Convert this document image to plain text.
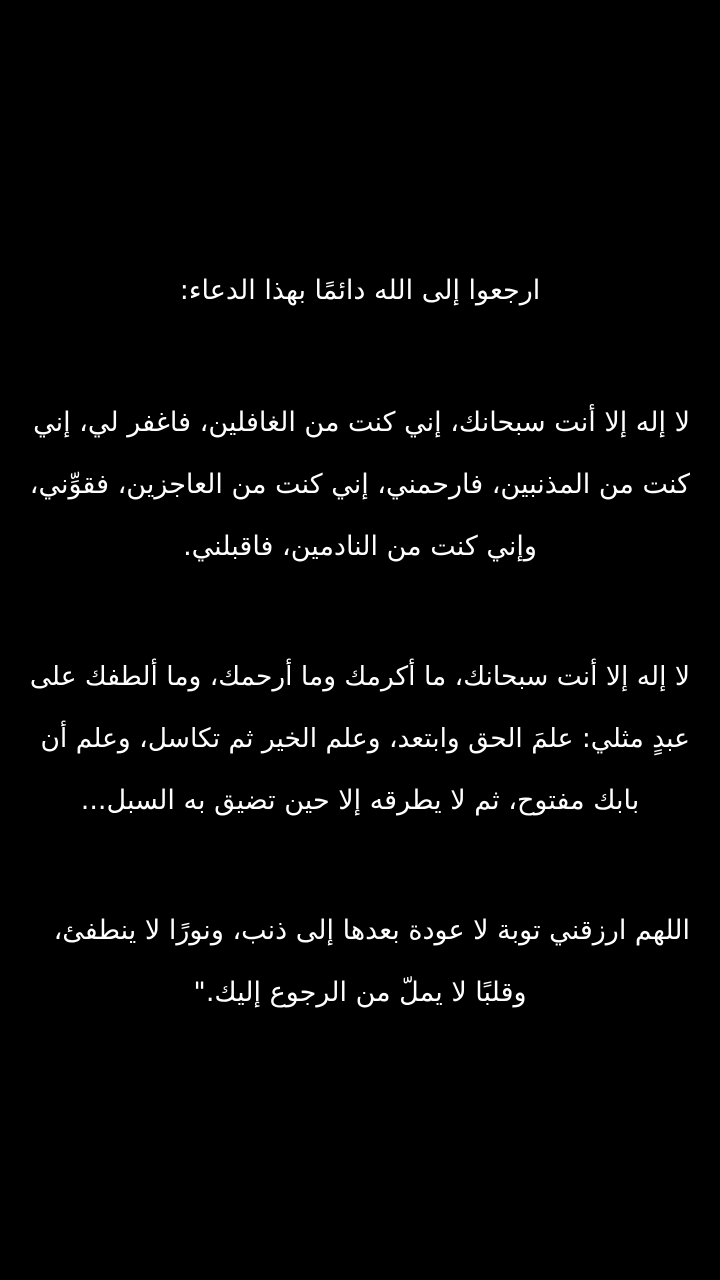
ارجعوا إلى الله دائمًا بهذا الدعاء:
لا إله إلا أنت سبحانك، إني كنت من الغافلين، فاغفر لي، إني
كنت من المذنبين، فارحمني، إني كنت من العاجزين، فقوِّني،
وإني كنت من النادمين، فاقبلني.
لا إله إلا أنت سبحانك، ما أكرمك وما أرحمك، وما ألطفك على
عبدٍ مثلي: علمَ الحق وابتعد، وعلم الخير ثم تكاسل، وعلم أن
بابك مفتوح، ثم لا يطرقه إلا حين تضيق به السبل...
اللهم ارزقني توبة لا عودة بعدها إلى ذنب، ونورًا لا ينطفئ،
وقلبًا لا يملّ من الرجوع إليك."
